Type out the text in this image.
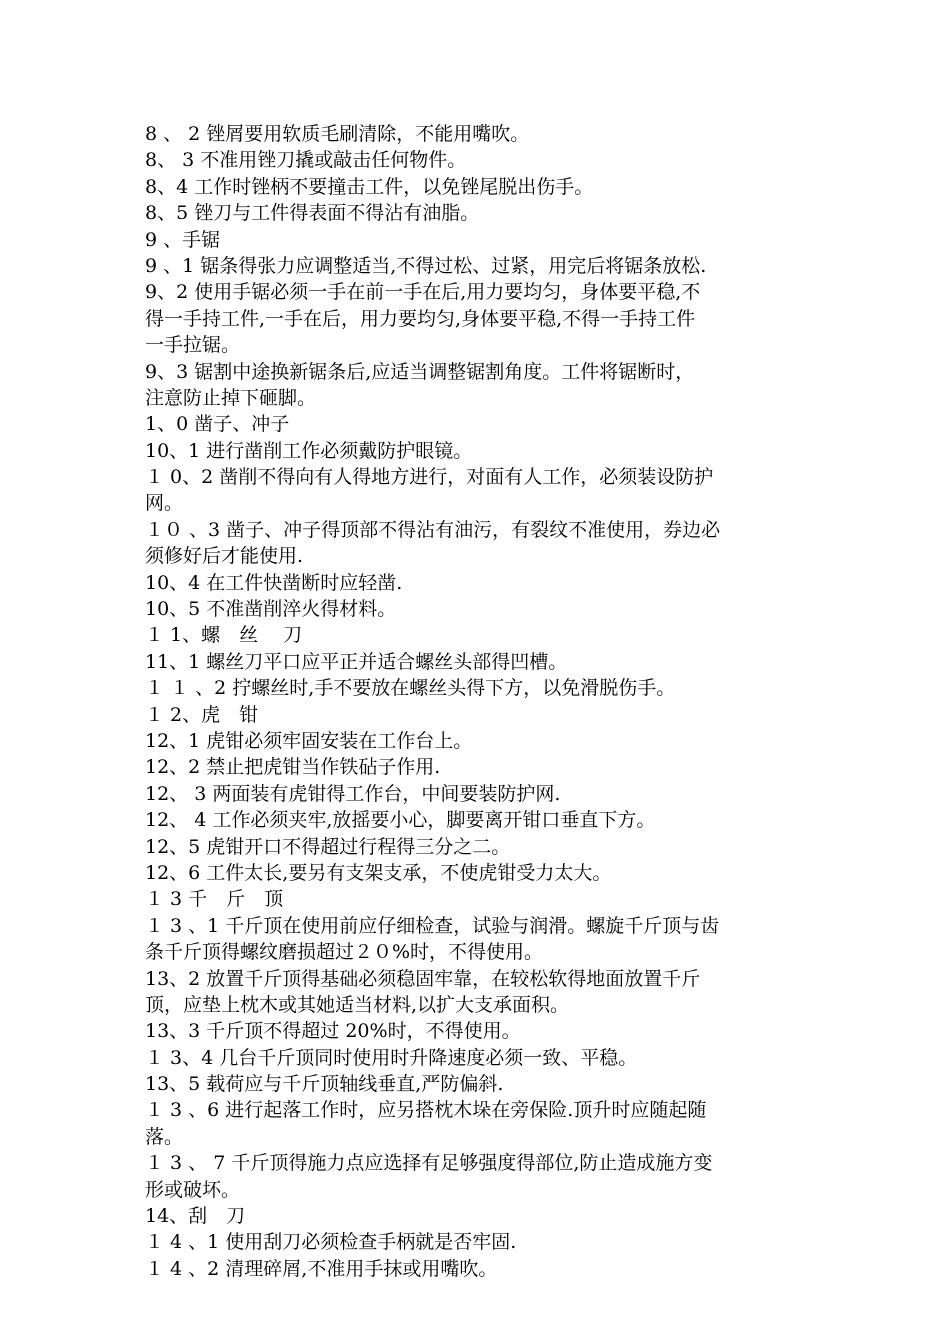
8 、 2 锉屑要用软质毛刷清除，不能用嘴吹。
8、 3 不准用锉刀撬或敲击任何物件。
8、4 工作时锉柄不要撞击工件，以免锉尾脱出伤手。
8、5 锉刀与工件得表面不得沾有油脂。
9 、手锯
9 、1 锯条得张力应调整适当,不得过松、过紧，用完后将锯条放松.
9、2 使用手锯必须一手在前一手在后,用力要均匀，身体要平稳,不
得一手持工件,一手在后，用力要均匀,身体要平稳,不得一手持工件
一手拉锯。
9、3 锯割中途换新锯条后,应适当调整锯割角度。工件将锯断时，
注意防止掉下砸脚。
1、0 凿子、冲子
10、1 进行凿削工作必须戴防护眼镜。
１ 0、2 凿削不得向有人得地方进行，对面有人工作，必须装设防护
网。
１０ 、3 凿子、冲子得顶部不得沾有油污，有裂纹不准使用，券边必
须修好后才能使用.
10、4 在工件快凿断时应轻凿.
10、5 不准凿削淬火得材料。
１ 1、螺　丝　 刀
11、1 螺丝刀平口应平正并适合螺丝头部得凹槽。
１ １ 、2 拧螺丝时,手不要放在螺丝头得下方，以免滑脱伤手。
１ 2、虎　钳
12、1 虎钳必须牢固安装在工作台上。
12、2 禁止把虎钳当作铁砧子作用.
12、 3 两面装有虎钳得工作台，中间要装防护网.
12、 4 工作必须夹牢,放摇要小心，脚要离开钳口垂直下方。
12、5 虎钳开口不得超过行程得三分之二。
12、6 工件太长,要另有支架支承，不使虎钳受力太大。
１ 3 千　斤　顶
１ 3 、1 千斤顶在使用前应仔细检查，试验与润滑。螺旋千斤顶与齿
条千斤顶得螺纹磨损超过２０%时，不得使用。
13、2 放置千斤顶得基础必须稳固牢靠，在较松软得地面放置千斤
顶，应垫上枕木或其她适当材料,以扩大支承面积。
13、3 千斤顶不得超过 20%时，不得使用。
１ 3、4 几台千斤顶同时使用时升降速度必须一致、平稳。
13、5 载荷应与千斤顶轴线垂直,严防偏斜.
１ 3 、6 进行起落工作时，应另搭枕木垛在旁保险.顶升时应随起随
落。
１ 3 、 7 千斤顶得施力点应选择有足够强度得部位,防止造成施方变
形或破坏。
14、刮　刀
１ 4 、1 使用刮刀必须检查手柄就是否牢固.
１ 4 、2 清理碎屑,不准用手抹或用嘴吹。
